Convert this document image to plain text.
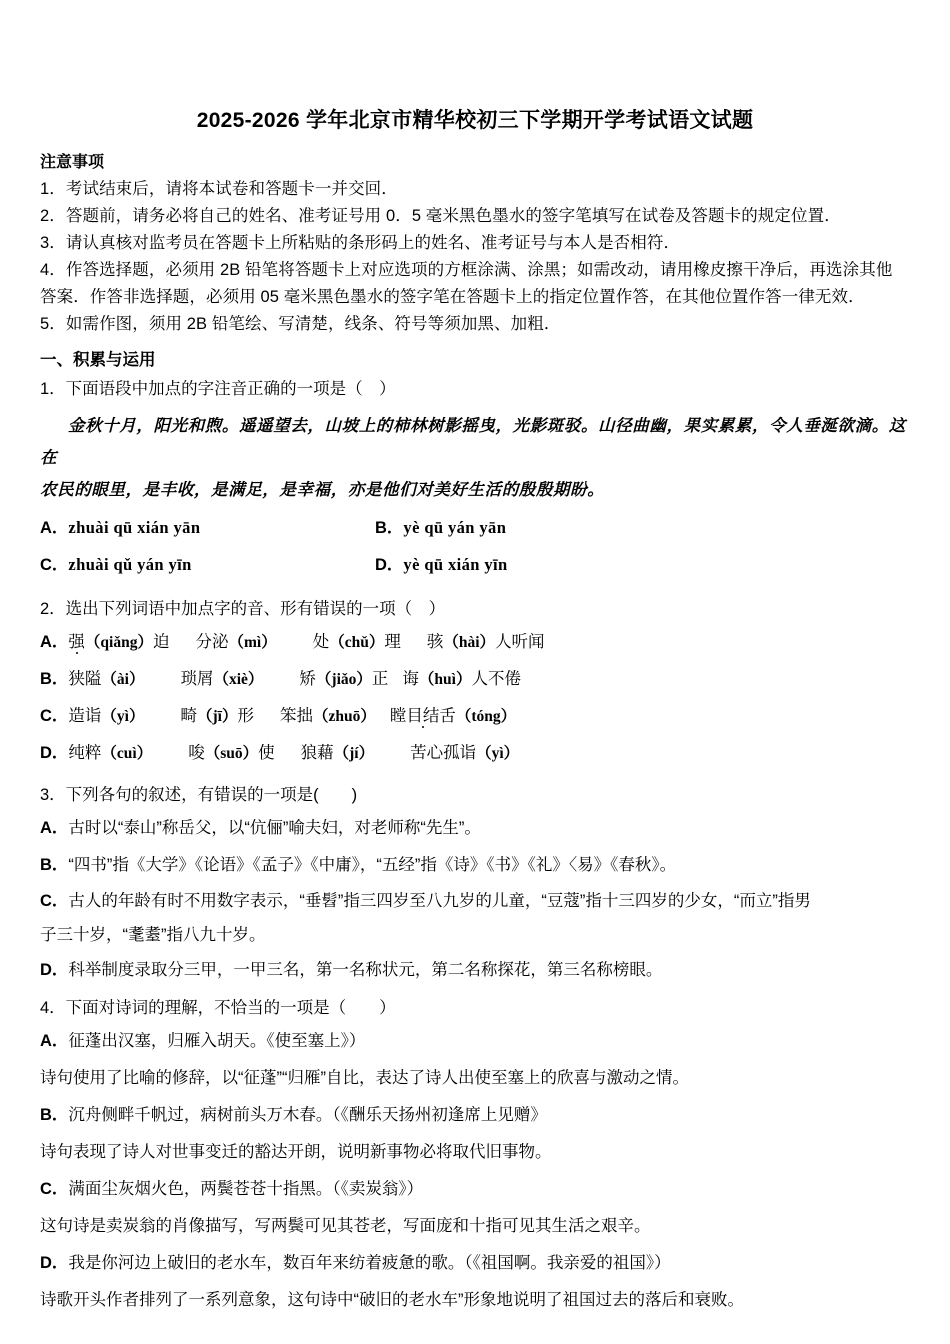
2025-2026 学年北京市精华校初三下学期开学考试语文试题
注意事项
1．考试结束后，请将本试卷和答题卡一并交回．
2．答题前，请务必将自己的姓名、准考证号用 0．5 毫米黑色墨水的签字笔填写在试卷及答题卡的规定位置．
3．请认真核对监考员在答题卡上所粘贴的条形码上的姓名、准考证号与本人是否相符．
4．作答选择题，必须用 2B 铅笔将答题卡上对应选项的方框涂满、涂黑；如需改动，请用橡皮擦干净后，再选涂其他
答案．作答非选择题，必须用 05 毫米黑色墨水的签字笔在答题卡上的指定位置作答，在其他位置作答一律无效．
5．如需作图，须用 2B 铅笔绘、写清楚，线条、符号等须加黑、加粗．
一、积累与运用
1．下面语段中加点的字注音正确的一项是（　）
金秋十月，阳光和煦。遥遥望去，山坡上的柿林树影摇曳，光影斑驳。山径曲幽，果实累累，令人垂涎欲滴。这在
农民的眼里，是丰收，是满足，是幸福，亦是他们对美好生活的殷殷期盼。
A．zhuài qū xián yān	B．yè qū yán yān
C．zhuài qǔ yán yīn	D．yè qū xián yīn
2．选出下列词语中加点字的音、形有错误的一项（　）
A．强（qiǎng）迫 分泌（mì） 处（chǔ）理 骇（hài）人听闻
B．狭隘（ài） 琐屑（xiè） 矫（jiǎo）正 诲（huì）人不倦
C．造诣（yì） 畸（jī）形 笨拙（zhuō） 瞠目结舌（tóng）
D．纯粹（cuì） 唆（suō）使 狼藉（jí） 苦心孤诣（yì）
3．下列各句的叙述，有错误的一项是(　　)
A．古时以“泰山”称岳父，以“伉俪”喻夫妇，对老师称“先生”。
B．“四书”指《大学》《论语》《孟子》《中庸》，“五经”指《诗》《书》《礼》〈易》《春秋》。
C．古人的年龄有时不用数字表示，“垂髫”指三四岁至八九岁的儿童，“豆蔻”指十三四岁的少女，“而立”指男
子三十岁，“耄耋”指八九十岁。
D．科举制度录取分三甲，一甲三名，第一名称状元，第二名称探花，第三名称榜眼。
4．下面对诗词的理解，不恰当的一项是（　　）
A．征蓬出汉塞，归雁入胡天。《使至塞上》）
诗句使用了比喻的修辞，以“征蓬”“归雁”自比，表达了诗人出使至塞上的欣喜与激动之情。
B．沉舟侧畔千帆过，病树前头万木春。（《酬乐天扬州初逢席上见赠》
诗句表现了诗人对世事变迁的豁达开朗，说明新事物必将取代旧事物。
C．满面尘灰烟火色，两鬓苍苍十指黑。（《卖炭翁》）
这句诗是卖炭翁的肖像描写，写两鬓可见其苍老，写面庞和十指可见其生活之艰辛。
D．我是你河边上破旧的老水车，数百年来纺着疲惫的歌。（《祖国啊。我亲爱的祖国》）
诗歌开头作者排列了一系列意象，这句诗中“破旧的老水车”形象地说明了祖国过去的落后和衰败。
